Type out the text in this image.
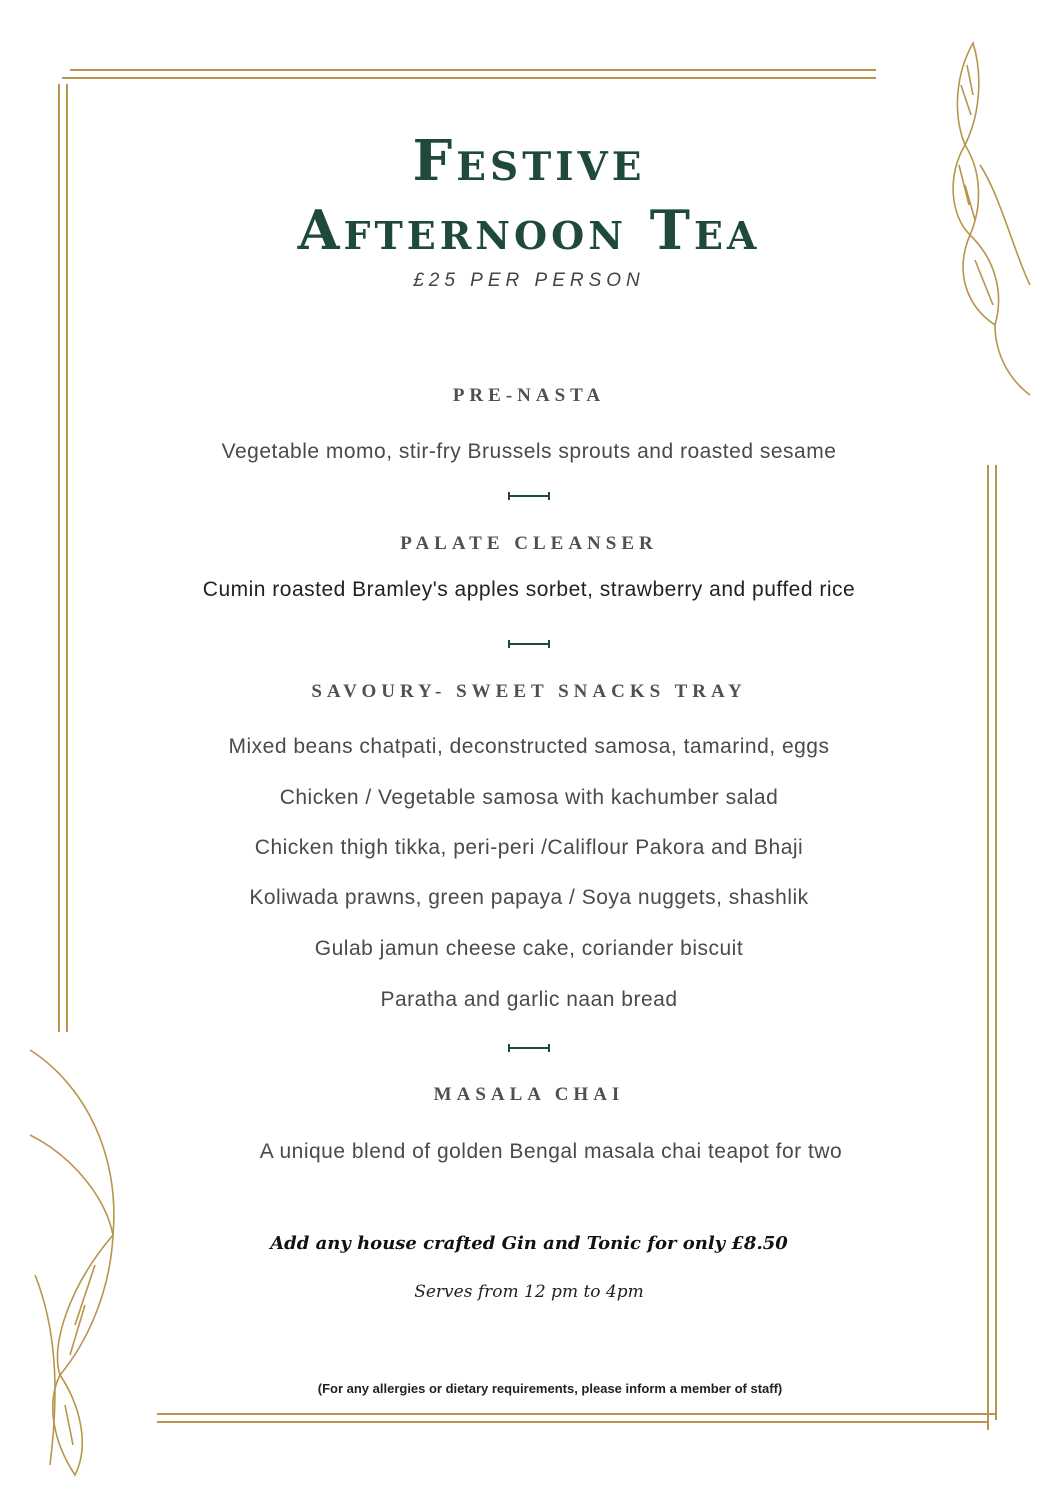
Festive
Afternoon Tea
£25 PER PERSON
PRE-NASTA
Vegetable momo, stir-fry Brussels sprouts and roasted sesame
PALATE CLEANSER
Cumin roasted Bramley's apples sorbet, strawberry and puffed rice
SAVOURY- SWEET SNACKS TRAY
Mixed beans chatpati, deconstructed samosa, tamarind, eggs
Chicken / Vegetable samosa with kachumber salad
Chicken thigh tikka, peri-peri /Califlour Pakora and Bhaji
Koliwada prawns, green papaya / Soya nuggets, shashlik
Gulab jamun cheese cake, coriander biscuit
Paratha and garlic naan bread
MASALA CHAI
A unique blend of golden Bengal masala chai teapot for two
Add any house crafted Gin and Tonic for only £8.50
Serves from 12 pm to 4pm
(For any allergies or dietary requirements, please inform a member of staff)
